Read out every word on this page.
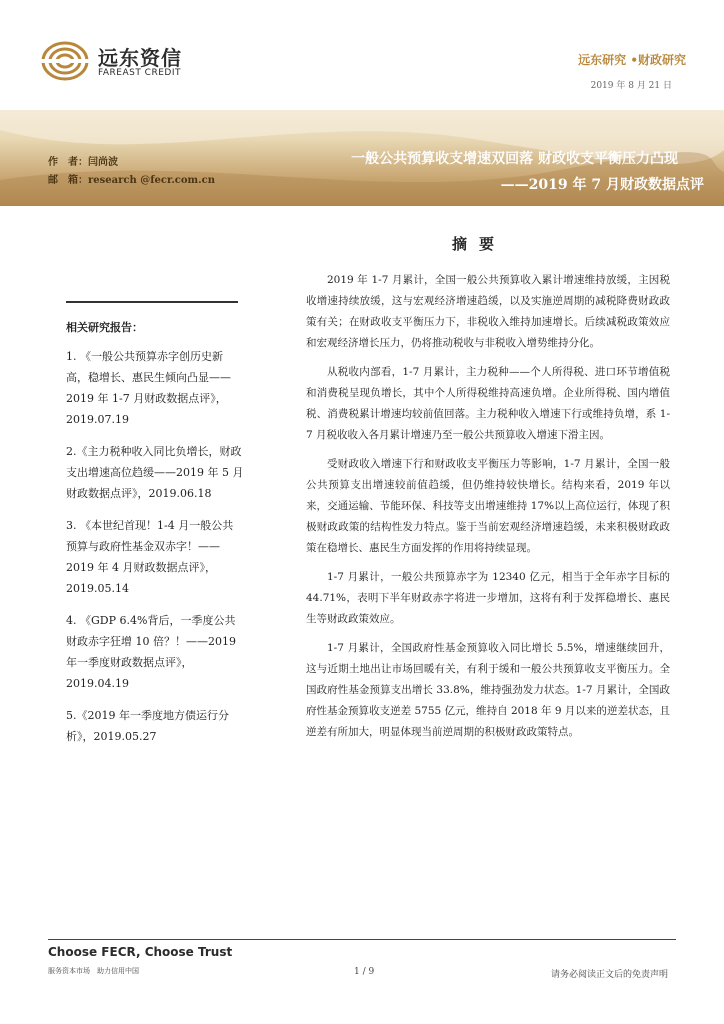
远东资信
FAREAST CREDIT
远东研究 •财政研究
2019 年 8 月 21 日
作　者：闫尚波
邮　箱：research @fecr.com.cn
一般公共预算收支增速双回落 财政收支平衡压力凸现
——2019 年 7 月财政数据点评
相关研究报告：
1. 《一般公共预算赤字创历史新高，稳增长、惠民生倾向凸显——2019 年 1-7 月财政数据点评》，2019.07.19
2.《主力税种收入同比负增长，财政支出增速高位趋缓——2019 年 5 月财政数据点评》，2019.06.18
3. 《本世纪首现！1-4 月一般公共预算与政府性基金双赤字！——2019 年 4 月财政数据点评》，2019.05.14
4. 《GDP 6.4%背后，一季度公共财政赤字狂增 10 倍？！——2019 年一季度财政数据点评》，2019.04.19
5.《2019 年一季度地方债运行分析》，2019.05.27
摘要

2019 年 1-7 月累计，全国一般公共预算收入累计增速维持放缓，主因税收增速持续放缓，这与宏观经济增速趋缓，以及实施逆周期的减税降费财政政策有关；在财政收支平衡压力下，非税收入维持加速增长。后续减税政策效应和宏观经济增长压力，仍将推动税收与非税收入增势维持分化。

从税收内部看，1-7 月累计，主力税种——个人所得税、进口环节增值税和消费税呈现负增长，其中个人所得税维持高速负增。企业所得税、国内增值税、消费税累计增速均较前值回落。主力税种收入增速下行或维持负增，系 1-7 月税收收入各月累计增速乃至一般公共预算收入增速下滑主因。

受财政收入增速下行和财政收支平衡压力等影响，1-7 月累计，全国一般公共预算支出增速较前值趋缓，但仍维持较快增长。结构来看，2019 年以来，交通运输、节能环保、科技等支出增速维持 17%以上高位运行，体现了积极财政政策的结构性发力特点。鉴于当前宏观经济增速趋缓，未来积极财政政策在稳增长、惠民生方面发挥的作用将持续显现。

1-7 月累计，一般公共预算赤字为 12340 亿元，相当于全年赤字目标的 44.71%，表明下半年财政赤字将进一步增加，这将有利于发挥稳增长、惠民生等财政政策效应。

1-7 月累计，全国政府性基金预算收入同比增长 5.5%，增速继续回升，这与近期土地出让市场回暖有关，有利于缓和一般公共预算收支平衡压力。全国政府性基金预算支出增长 33.8%，维持强劲发力状态。1-7 月累计，全国政府性基金预算收支逆差 5755 亿元，维持自 2018 年 9 月以来的逆差状态，且逆差有所加大，明显体现当前逆周期的积极财政政策特点。

Choose FECR, Choose Trust
服务资本市场　助力信用中国	1 / 9	请务必阅读正文后的免责声明
